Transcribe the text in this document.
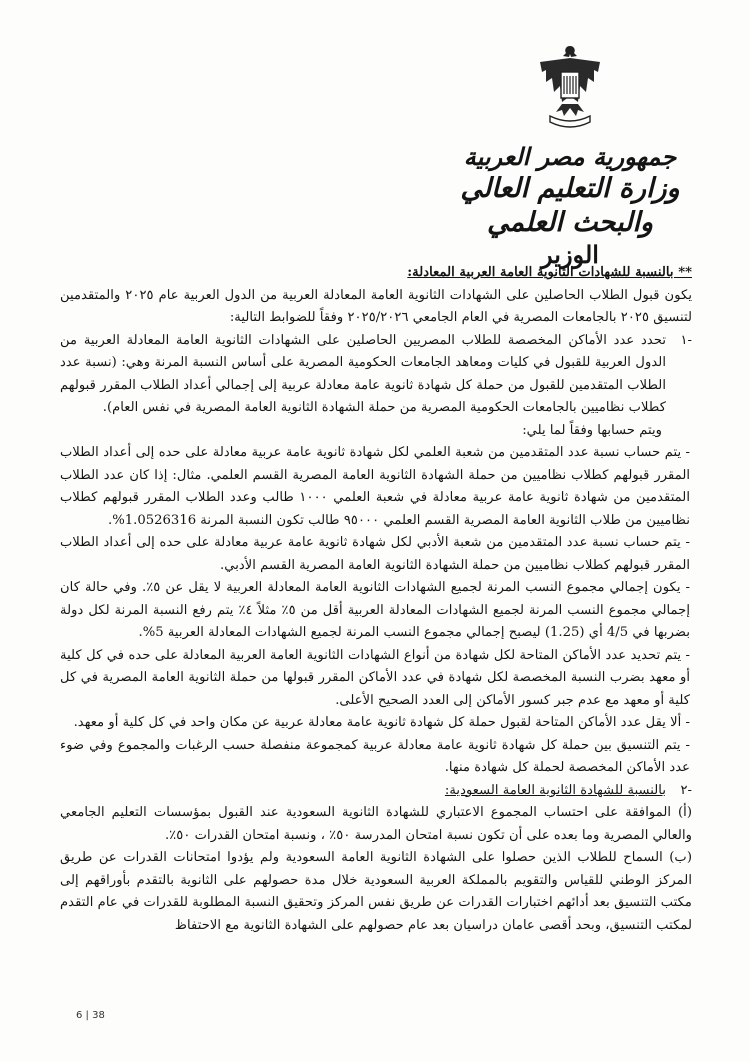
جمهورية مصر العربية
وزارة التعليم العالي والبحث العلمي
الوزير

** بالنسبة للشهادات الثانوية العامة العربية المعادلة:

يكون قبول الطلاب الحاصلين على الشهادات الثانوية العامة المعادلة العربية من الدول العربية عام ٢٠٢٥ والمتقدمين لتنسيق ٢٠٢٥ بالجامعات المصرية في العام الجامعي ٢٠٢٥/٢٠٢٦ وفقاً للضوابط التالية:

-١
تحدد عدد الأماكن المخصصة للطلاب المصريين الحاصلين على الشهادات الثانوية العامة المعادلة العربية من الدول العربية للقبول في كليات ومعاهد الجامعات الحكومية المصرية على أساس النسبة المرنة وهي: (نسبة عدد الطلاب المتقدمين للقبول من حملة كل شهادة ثانوية عامة معادلة عربية إلى إجمالي أعداد الطلاب المقرر قبولهم كطلاب نظاميين بالجامعات الحكومية المصرية من حملة الشهادة الثانوية العامة المصرية في نفس العام).

ويتم حسابها وفقاً لما يلي:

- يتم حساب نسبة عدد المتقدمين من شعبة العلمي لكل شهادة ثانوية عامة عربية معادلة على حده إلى أعداد الطلاب المقرر قبولهم كطلاب نظاميين من حملة الشهادة الثانوية العامة المصرية القسم العلمي. مثال: إذا كان عدد الطلاب المتقدمين من شهادة ثانوية عامة عربية معادلة في شعبة العلمي ١٠٠٠ طالب وعدد الطلاب المقرر قبولهم كطلاب نظاميين من طلاب الثانوية العامة المصرية القسم العلمي ٩٥٠٠٠ طالب تكون النسبة المرنة 1.0526316%.

- يتم حساب نسبة عدد المتقدمين من شعبة الأدبي لكل شهادة ثانوية عامة عربية معادلة على حده إلى أعداد الطلاب المقرر قبولهم كطلاب نظاميين من حملة الشهادة الثانوية العامة المصرية القسم الأدبي.

- يكون إجمالي مجموع النسب المرنة لجميع الشهادات الثانوية العامة المعادلة العربية لا يقل عن ٥٪. وفي حالة كان إجمالي مجموع النسب المرنة لجميع الشهادات المعادلة العربية أقل من ٥٪ مثلاً ٤٪ يتم رفع النسبة المرنة لكل دولة بضربها في 4/5 أي (1.25) ليصبح إجمالي مجموع النسب المرنة لجميع الشهادات المعادلة العربية 5%.

- يتم تحديد عدد الأماكن المتاحة لكل شهادة من أنواع الشهادات الثانوية العامة العربية المعادلة على حده في كل كلية أو معهد بضرب النسبة المخصصة لكل شهادة في عدد الأماكن المقرر قبولها من حملة الثانوية العامة المصرية في كل كلية أو معهد مع عدم جبر كسور الأماكن إلى العدد الصحيح الأعلى.

- ألا يقل عدد الأماكن المتاحة لقبول حملة كل شهادة ثانوية عامة معادلة عربية عن مكان واحد في كل كلية أو معهد.

- يتم التنسيق بين حملة كل شهادة ثانوية عامة معادلة عربية كمجموعة منفصلة حسب الرغبات والمجموع وفي ضوء عدد الأماكن المخصصة لحملة كل شهادة منها.

-٢
بالنسبة للشهادة الثانوية العامة السعودية:

(أ) الموافقة على احتساب المجموع الاعتباري للشهادة الثانوية السعودية عند القبول بمؤسسات التعليم الجامعي والعالي المصرية وما بعده على أن تكون نسبة امتحان المدرسة ٥٠٪ ، ونسبة امتحان القدرات ٥٠٪.

(ب) السماح للطلاب الذين حصلوا على الشهادة الثانوية العامة السعودية ولم يؤدوا امتحانات القدرات عن طريق المركز الوطني للقياس والتقويم بالمملكة العربية السعودية خلال مدة حصولهم على الثانوية بالتقدم بأوراقهم إلى مكتب التنسيق بعد أدائهم اختبارات القدرات عن طريق نفس المركز وتحقيق النسبة المطلوبة للقدرات في عام التقدم لمكتب التنسيق، وبحد أقصى عامان دراسيان بعد عام حصولهم على الشهادة الثانوية مع الاحتفاظ

6 | 38
